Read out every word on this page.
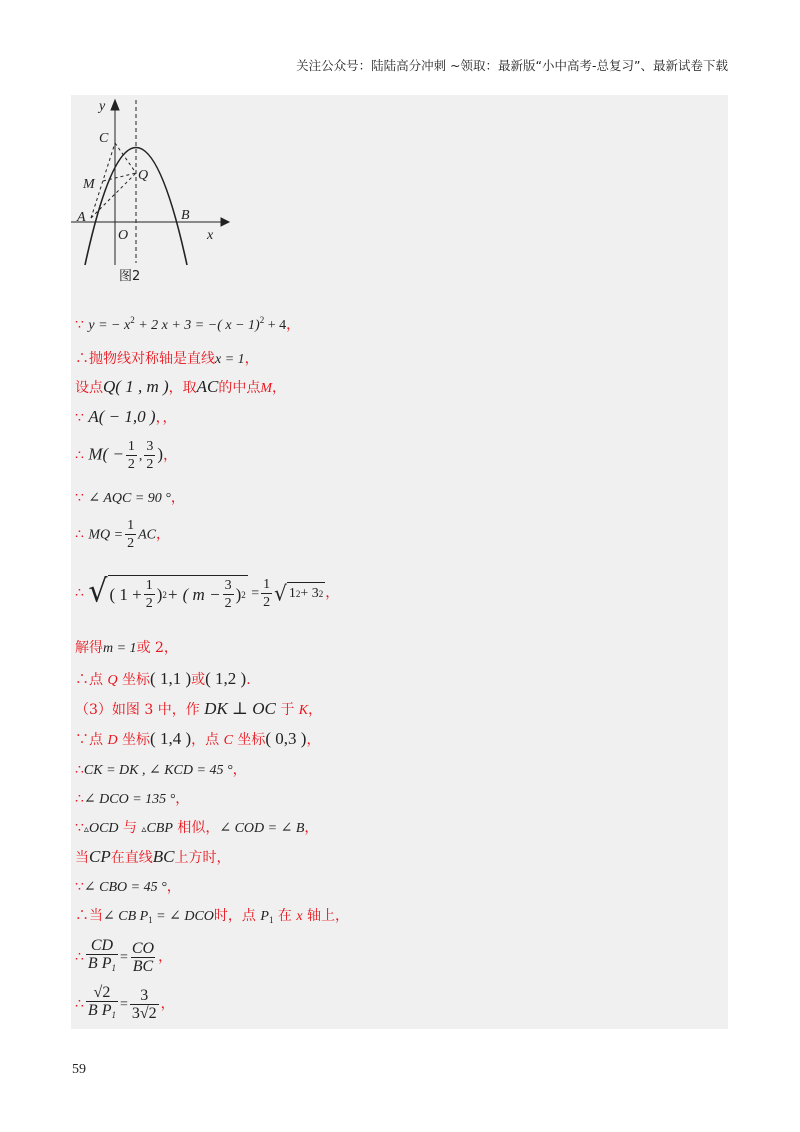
关注公众号：陆陆高分冲刺 ~领取：最新版“小中高考-总复习”、最新试卷下载
y
x
O
A	B
C
M
Q
图2
∵ y = − $x^2 + 2$ x + 3 = −( x − 1)$^2$ + 4，
∴抛物线对称轴是直线x = 1，
设点Q( 1 , m )，取AC的中点M，
∵ A( − 1,0 )，，
∴ $M( - \frac{1}{2}$ , $\frac{3}{2}$ )，
∵ ∠ AQC = 90 °，
∴ MQ = $\frac{1}{2}$ AC，
∴ √ ( $1 + \frac{1}{2}$ ) 2 + ( $m - \frac{3}{2}$ ) $2 = \frac{1}{2}$ √ 1 2 + 3 2 ，
解得m = 1或 2，
∴点 Q 坐标( 1,1 )或( 1,2 ).
（3）如图 3 中，作 DK ⊥ OC 于 K，
∵点 D 坐标( 1,4 )，点 C 坐标( 0,3 )，
∴CK = DK , ∠ KCD = 45 °，
∴∠ DCO = 135 °，
∵▵OCD 与 ▵CBP 相似，∠ COD = ∠ B，
当CP在直线BC上方时，
∵∠ CBO = 45 °，
∴当∠ CB $P_1$ = ∠ DCO时，点 $P_1$ 在 x 轴上，
∴ $\frac{CD}{B P_1} = \frac{CO}{BC}$ ，
∴ $\frac{√2}{B P_1} = \frac{3}{3√2}$ ，
59
